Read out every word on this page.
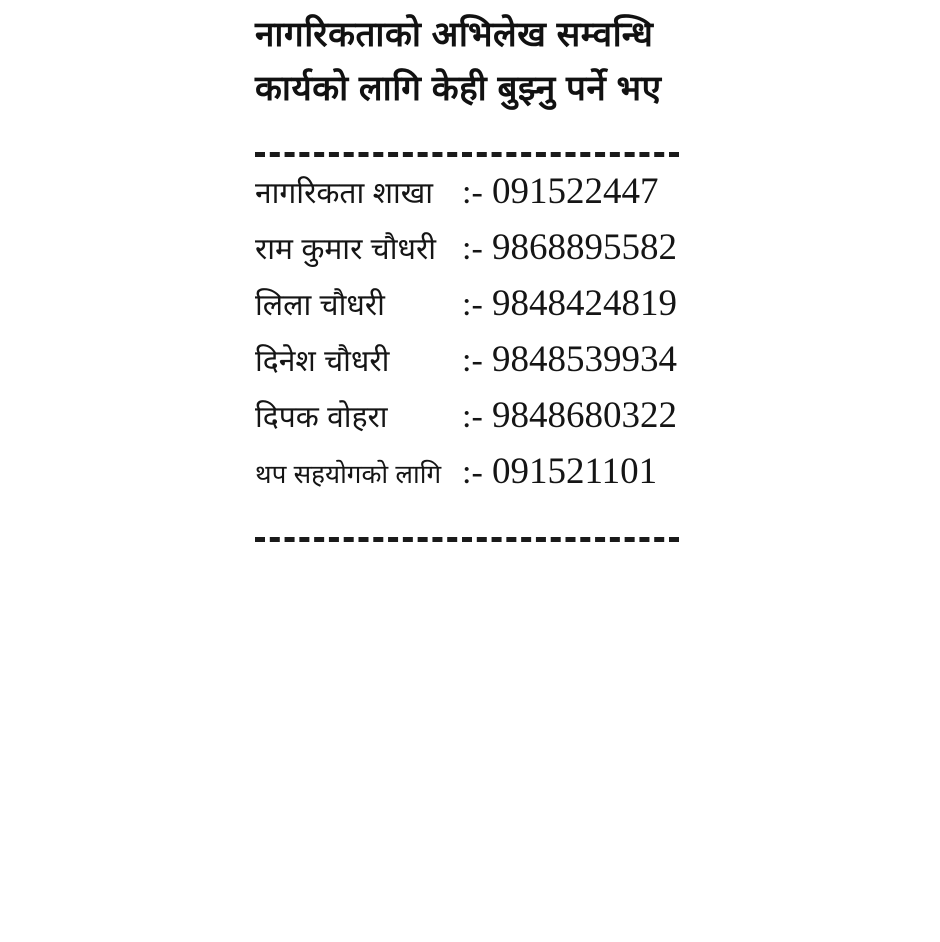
नागरिकताको अभिलेख सम्वन्धि
कार्यको लागि केही बुझ्नु पर्ने भए
नागरिकता शाखा :- 091522447
राम कुमार चौधरी :- 9868895582
लिला चौधरी	:- 9848424819
दिनेश चौधरी	:- 9848539934
दिपक वोहरा	:- 9848680322
थप सहयोगको लागि :- 091521101
